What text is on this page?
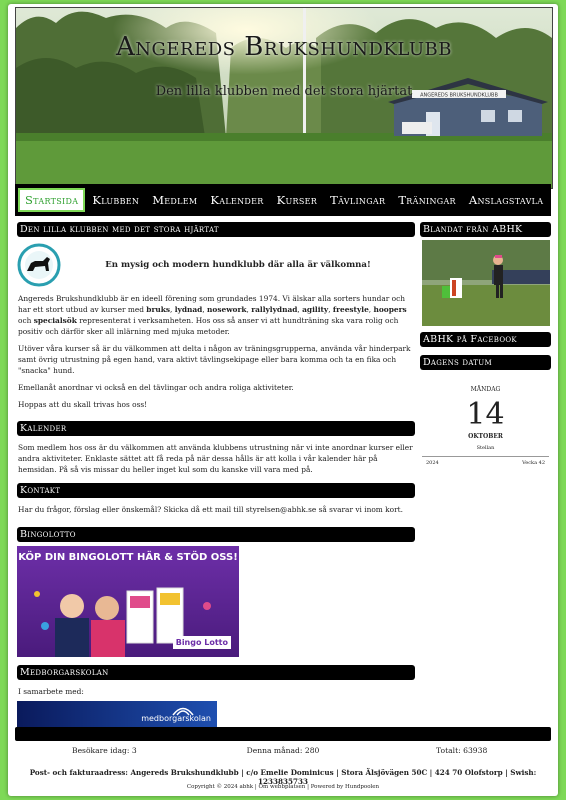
ANGEREDS BRUKSHUNDKLUBB
Angereds Brukshundklubb
Den lilla klubben med det stora hjärtat
Startsida	Klubben	Medlem	Kalender	Kurser	Tävlingar	Träningar	Anslagstavla
Den lilla klubben med det stora hjärtat
En mysig och modern hundklubb där alla är välkomna!
Angereds Brukshundklubb är en ideell förening som grundades 1974. Vi älskar alla sorters hundar och har ett stort utbud av kurser med bruks, lydnad, nosework, rallylydnad, agility, freestyle, hoopers och specialsök representerat i verksamheten. Hos oss så anser vi att hundträning ska vara rolig och positiv och därför sker all inlärning med mjuka metoder.
Utöver våra kurser så är du välkommen att delta i någon av träningsgrupperna, använda vår hinderpark samt övrig utrustning på egen hand, vara aktivt tävlingsekipage eller bara komma och ta en fika och "snacka" hund.
Emellanåt anordnar vi också en del tävlingar och andra roliga aktiviteter.
Hoppas att du skall trivas hos oss!
Kalender
Som medlem hos oss är du välkommen att använda klubbens utrustning när vi inte anordnar kurser eller andra aktiviteter. Enklaste sättet att få reda på när dessa hålls är att kolla i vår kalender här på hemsidan. På så vis missar du heller inget kul som du kanske vill vara med på.
Kontakt
Har du frågor, förslag eller önskemål? Skicka då ett mail till styrelsen@abhk.se så svarar vi inom kort.
Bingolotto
KÖP DIN BINGOLOTT HÄR & STÖD OSS!
Bingo Lotto
Medborgarskolan
I samarbete med:
medborgarskolan
Blandat från ABHK
ABHK på Facebook
Dagens datum
måndag
14
oktober
Stellan
2024	Vecka 42
Besökare idag: 3	Denna månad: 280	Totalt: 63938
Post- och fakturaadress: Angereds Brukshundklubb | c/o Emelie Dominicus | Stora Älsjövägen 50C | 424 70 Olofstorp | Swish: 1233835733
Copyright © 2024 abhk | Om webbplatsen | Powered by Hundpoolen
